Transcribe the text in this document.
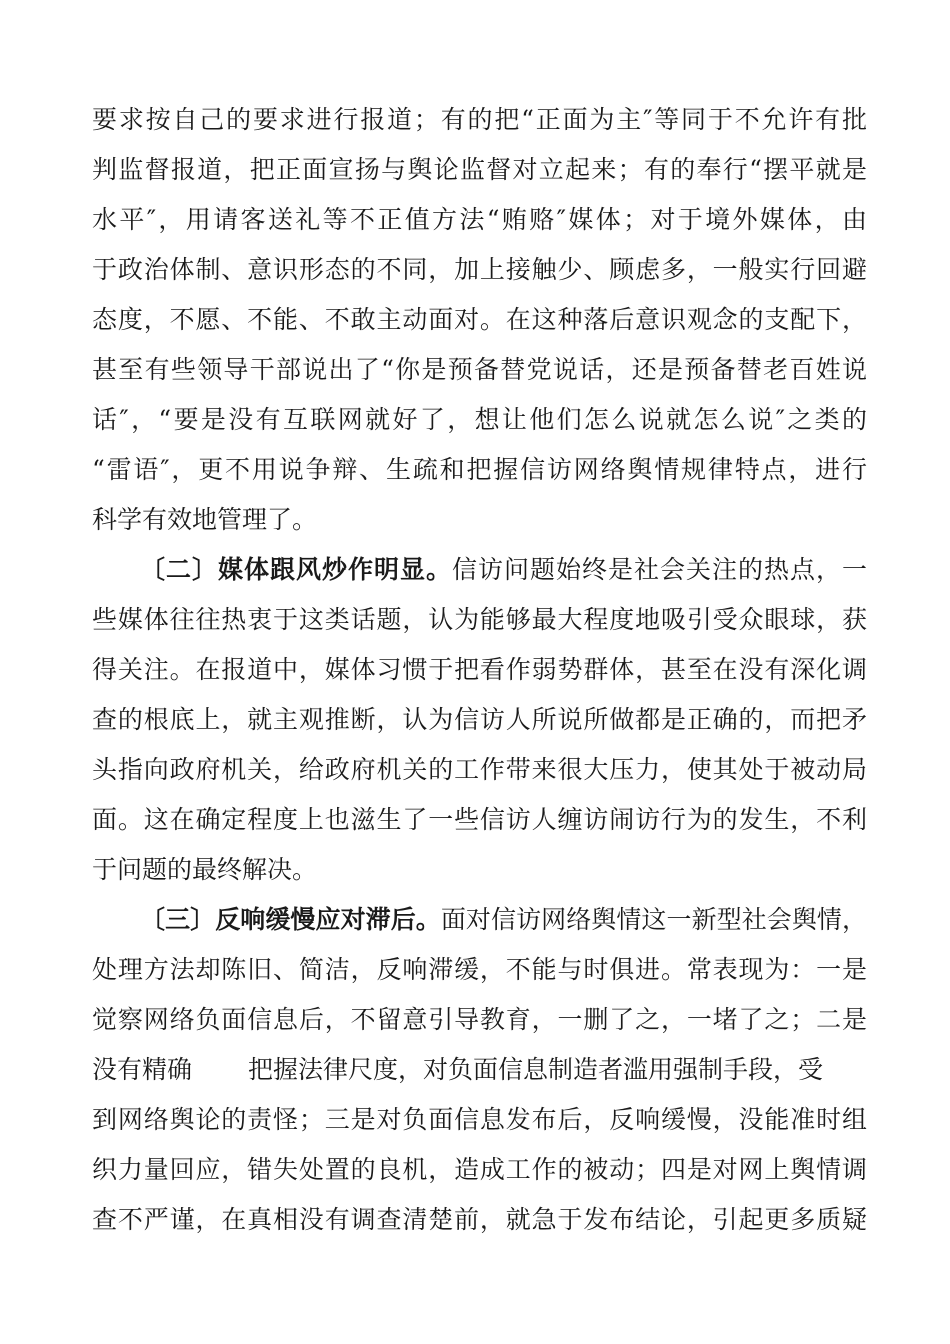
要求按自己的要求进行报道；有的把“正面为主″等同于不允许有批
判监督报道，把正面宣扬与舆论监督对立起来；有的奉行“摆平就是
水平″，用请客送礼等不正值方法“贿赂″媒体；对于境外媒体，由
于政治体制、意识形态的不同，加上接触少、顾虑多，一般实行回避
态度，不愿、不能、不敢主动面对。在这种落后意识观念的支配下，
甚至有些领导干部说出了“你是预备替党说话，还是预备替老百姓说
话″，“要是没有互联网就好了，想让他们怎么说就怎么说″之类的
“雷语″，更不用说争辩、生疏和把握信访网络舆情规律特点，进行
科学有效地管理了。
〔二〕媒体跟风炒作明显。信访问题始终是社会关注的热点，一
些媒体往往热衷于这类话题，认为能够最大程度地吸引受众眼球，获
得关注。在报道中，媒体习惯于把看作弱势群体，甚至在没有深化调
查的根底上，就主观推断，认为信访人所说所做都是正确的，而把矛
头指向政府机关，给政府机关的工作带来很大压力，使其处于被动局
面。这在确定程度上也滋生了一些信访人缠访闹访行为的发生，不利
于问题的最终解决。
〔三〕反响缓慢应对滞后。面对信访网络舆情这一新型社会舆情，
处理方法却陈旧、简洁，反响滞缓，不能与时俱进。常表现为：一是
觉察网络负面信息后，不留意引导教育，一删了之，一堵了之；二是
没有精确 把握法律尺度，对负面信息制造者滥用强制手段，受
到网络舆论的责怪；三是对负面信息发布后，反响缓慢，没能准时组
织力量回应，错失处置的良机，造成工作的被动；四是对网上舆情调
查不严谨，在真相没有调查清楚前，就急于发布结论，引起更多质疑
